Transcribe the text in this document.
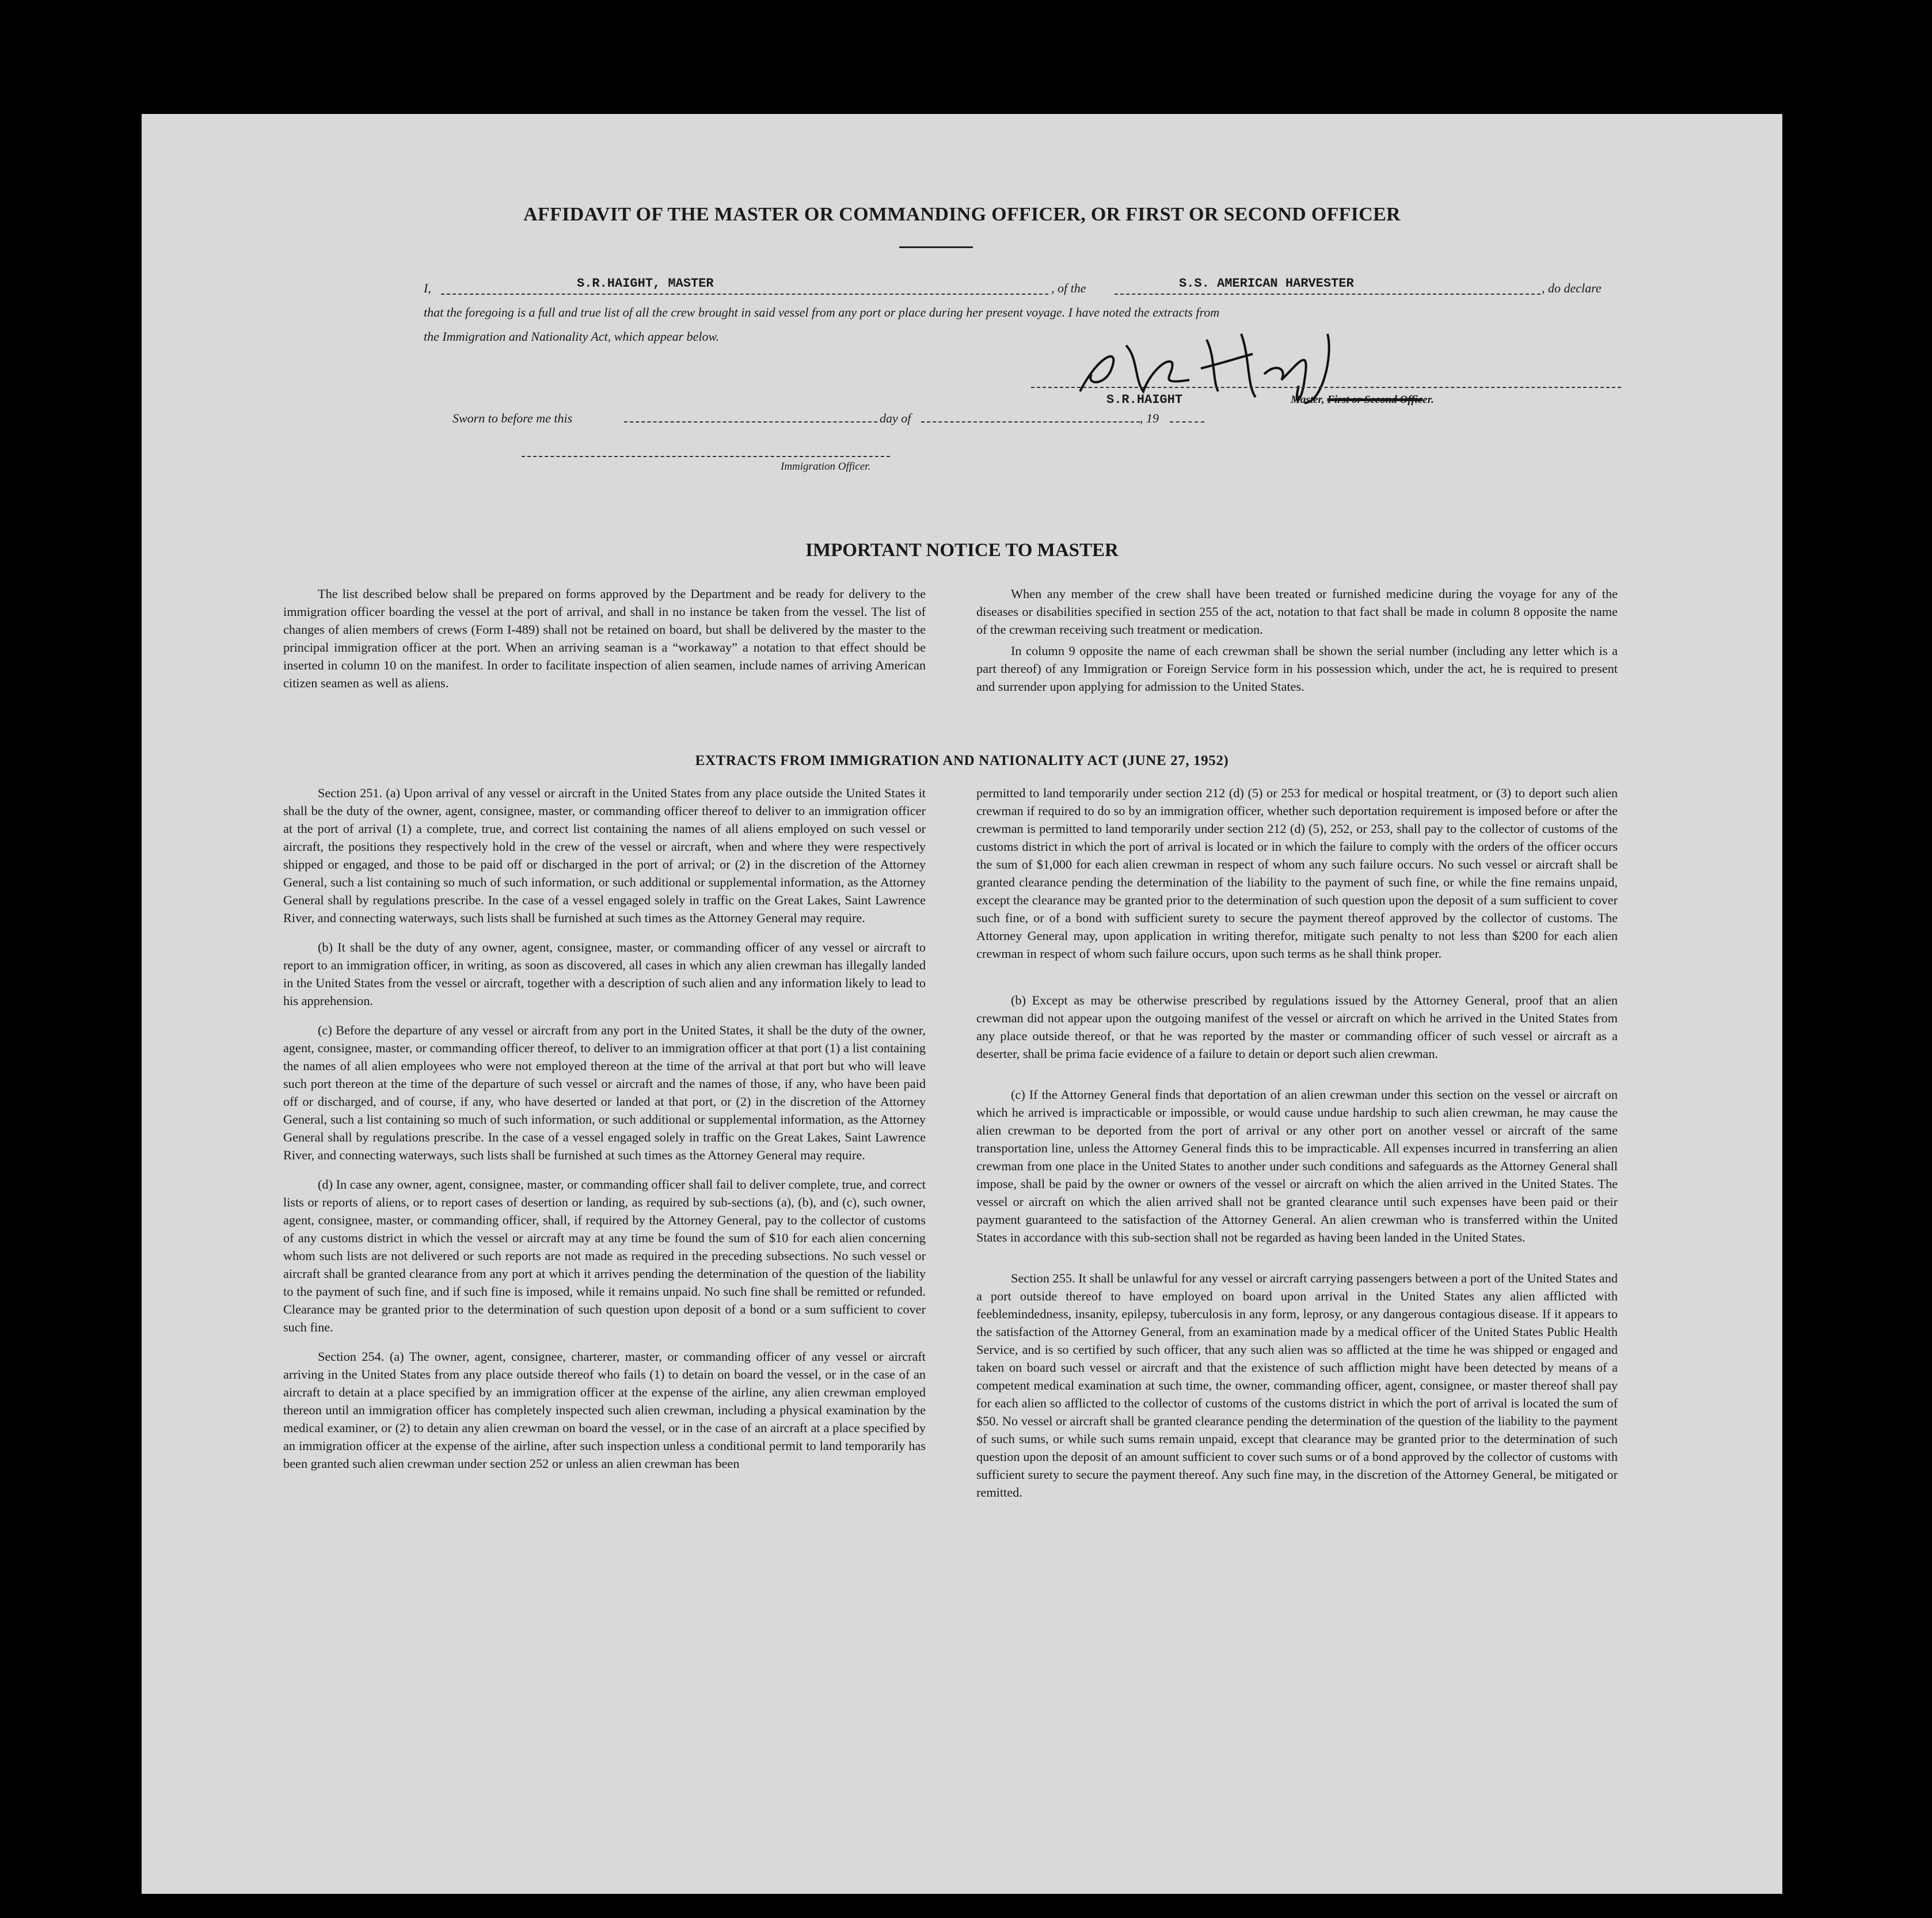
AFFIDAVIT OF THE MASTER OR COMMANDING OFFICER, OR FIRST OR SECOND OFFICER
I,	S.R.HAIGHT, MASTER	, of the	S.S. AMERICAN HARVESTER	, do declare
that the foregoing is a full and true list of all the crew brought in said vessel from any port or place during her present voyage. I have noted the extracts from
the Immigration and Nationality Act, which appear below.
S.R.HAIGHT	Master, First or Second Officer.
Sworn to before me this	day of	, 19
Immigration Officer.
IMPORTANT NOTICE TO MASTER

The list described below shall be prepared on forms approved by the Department and be ready for delivery to the immigration officer boarding the vessel at the port of arrival, and shall in no instance be taken from the vessel. The list of changes of alien members of crews (Form I-489) shall not be retained on board, but shall be delivered by the master to the principal immigration officer at the port. When an arriving seaman is a “workaway” a notation to that effect should be inserted in column 10 on the manifest. In order to facilitate inspection of alien seamen, include names of arriving American citizen seamen as well as aliens.

When any member of the crew shall have been treated or furnished medicine during the voyage for any of the diseases or disabilities specified in section 255 of the act, notation to that fact shall be made in column 8 opposite the name of the crewman receiving such treatment or medication.

In column 9 opposite the name of each crewman shall be shown the serial number (including any letter which is a part thereof) of any Immigration or Foreign Service form in his possession which, under the act, he is required to present and surrender upon applying for admission to the United States.

EXTRACTS FROM IMMIGRATION AND NATIONALITY ACT (JUNE 27, 1952)

Section 251. (a) Upon arrival of any vessel or aircraft in the United States from any place outside the United States it shall be the duty of the owner, agent, consignee, master, or commanding officer thereof to deliver to an immigration officer at the port of arrival (1) a complete, true, and correct list containing the names of all aliens employed on such vessel or aircraft, the positions they respectively hold in the crew of the vessel or aircraft, when and where they were respectively shipped or engaged, and those to be paid off or discharged in the port of arrival; or (2) in the discretion of the Attorney General, such a list containing so much of such information, or such additional or supplemental information, as the Attorney General shall by regulations prescribe. In the case of a vessel engaged solely in traffic on the Great Lakes, Saint Lawrence River, and connecting waterways, such lists shall be furnished at such times as the Attorney General may require.

(b) It shall be the duty of any owner, agent, consignee, master, or commanding officer of any vessel or aircraft to report to an immigration officer, in writing, as soon as discovered, all cases in which any alien crewman has illegally landed in the United States from the vessel or aircraft, together with a description of such alien and any information likely to lead to his apprehension.

(c) Before the departure of any vessel or aircraft from any port in the United States, it shall be the duty of the owner, agent, consignee, master, or commanding officer thereof, to deliver to an immigration officer at that port (1) a list containing the names of all alien employees who were not employed thereon at the time of the arrival at that port but who will leave such port thereon at the time of the departure of such vessel or aircraft and the names of those, if any, who have been paid off or discharged, and of course, if any, who have deserted or landed at that port, or (2) in the discretion of the Attorney General, such a list containing so much of such information, or such additional or supplemental information, as the Attorney General shall by regulations prescribe. In the case of a vessel engaged solely in traffic on the Great Lakes, Saint Lawrence River, and connecting waterways, such lists shall be furnished at such times as the Attorney General may require.

(d) In case any owner, agent, consignee, master, or commanding officer shall fail to deliver complete, true, and correct lists or reports of aliens, or to report cases of desertion or landing, as required by sub-sections (a), (b), and (c), such owner, agent, consignee, master, or commanding officer, shall, if required by the Attorney General, pay to the collector of customs of any customs district in which the vessel or aircraft may at any time be found the sum of $10 for each alien concerning whom such lists are not delivered or such reports are not made as required in the preceding subsections. No such vessel or aircraft shall be granted clearance from any port at which it arrives pending the determination of the question of the liability to the payment of such fine, and if such fine is imposed, while it remains unpaid. No such fine shall be remitted or refunded. Clearance may be granted prior to the determination of such question upon deposit of a bond or a sum sufficient to cover such fine.

Section 254. (a) The owner, agent, consignee, charterer, master, or commanding officer of any vessel or aircraft arriving in the United States from any place outside thereof who fails (1) to detain on board the vessel, or in the case of an aircraft to detain at a place specified by an immigration officer at the expense of the airline, any alien crewman employed thereon until an immigration officer has completely inspected such alien crewman, including a physical examination by the medical examiner, or (2) to detain any alien crewman on board the vessel, or in the case of an aircraft at a place specified by an immigration officer at the expense of the airline, after such inspection unless a conditional permit to land temporarily has been granted such alien crewman under section 252 or unless an alien crewman has been

permitted to land temporarily under section 212 (d) (5) or 253 for medical or hospital treatment, or (3) to deport such alien crewman if required to do so by an immigration officer, whether such deportation requirement is imposed before or after the crewman is permitted to land temporarily under section 212 (d) (5), 252, or 253, shall pay to the collector of customs of the customs district in which the port of arrival is located or in which the failure to comply with the orders of the officer occurs the sum of $1,000 for each alien crewman in respect of whom any such failure occurs. No such vessel or aircraft shall be granted clearance pending the determination of the liability to the payment of such fine, or while the fine remains unpaid, except the clearance may be granted prior to the determination of such question upon the deposit of a sum sufficient to cover such fine, or of a bond with sufficient surety to secure the payment thereof approved by the collector of customs. The Attorney General may, upon application in writing therefor, mitigate such penalty to not less than $200 for each alien crewman in respect of whom such failure occurs, upon such terms as he shall think proper.

(b) Except as may be otherwise prescribed by regulations issued by the Attorney General, proof that an alien crewman did not appear upon the outgoing manifest of the vessel or aircraft on which he arrived in the United States from any place outside thereof, or that he was reported by the master or commanding officer of such vessel or aircraft as a deserter, shall be prima facie evidence of a failure to detain or deport such alien crewman.

(c) If the Attorney General finds that deportation of an alien crewman under this section on the vessel or aircraft on which he arrived is impracticable or impossible, or would cause undue hardship to such alien crewman, he may cause the alien crewman to be deported from the port of arrival or any other port on another vessel or aircraft of the same transportation line, unless the Attorney General finds this to be impracticable. All expenses incurred in transferring an alien crewman from one place in the United States to another under such conditions and safeguards as the Attorney General shall impose, shall be paid by the owner or owners of the vessel or aircraft on which the alien arrived in the United States. The vessel or aircraft on which the alien arrived shall not be granted clearance until such expenses have been paid or their payment guaranteed to the satisfaction of the Attorney General. An alien crewman who is transferred within the United States in accordance with this sub-section shall not be regarded as having been landed in the United States.

Section 255. It shall be unlawful for any vessel or aircraft carrying passengers between a port of the United States and a port outside thereof to have employed on board upon arrival in the United States any alien afflicted with feeblemindedness, insanity, epilepsy, tuberculosis in any form, leprosy, or any dangerous contagious disease. If it appears to the satisfaction of the Attorney General, from an examination made by a medical officer of the United States Public Health Service, and is so certified by such officer, that any such alien was so afflicted at the time he was shipped or engaged and taken on board such vessel or aircraft and that the existence of such affliction might have been detected by means of a competent medical examination at such time, the owner, commanding officer, agent, consignee, or master thereof shall pay for each alien so afflicted to the collector of customs of the customs district in which the port of arrival is located the sum of $50. No vessel or aircraft shall be granted clearance pending the determination of the question of the liability to the payment of such sums, or while such sums remain unpaid, except that clearance may be granted prior to the determination of such question upon the deposit of an amount sufficient to cover such sums or of a bond approved by the collector of customs with sufficient surety to secure the payment thereof. Any such fine may, in the discretion of the Attorney General, be mitigated or remitted.
